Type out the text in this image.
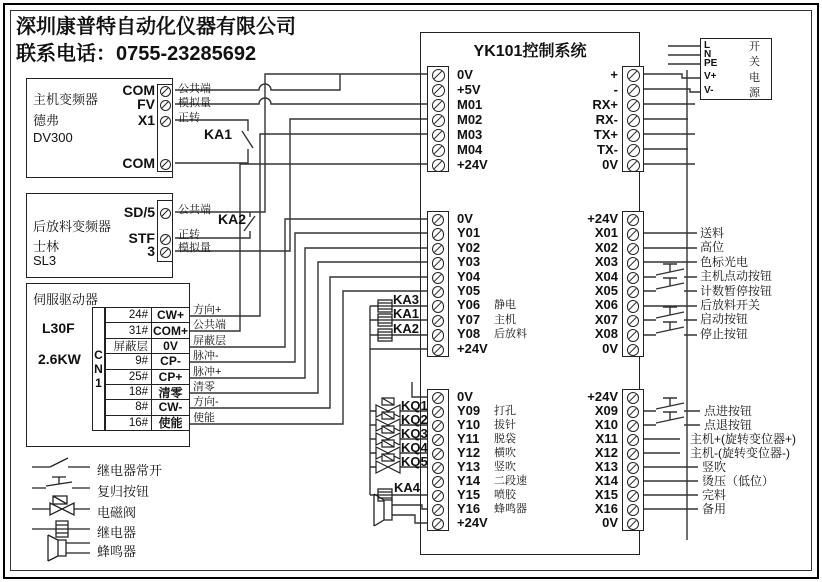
深圳康普特自动化仪器有限公司
联系电话：0755-23285692
主机变频器
德弗
DV300
COM
FV
X1
COM
公共端
模拟量
正转
KA1
后放料变频器
士林
SL3
SD/5
STF
3
公共端
正转
模拟量
KA2
伺服驱动器
L30F
2.6KW C
N
1
24# CW+
31# COM+
屏蔽层	0V
9#	CP-
25# CP+
18# 清零
8# CW-
16# 使能
方向+
公共端
屏蔽层
脉冲-
脉冲+
清零
方向-
使能
YK101控制系统
0V
+5V
M01
M02
M03
M04
+24V
+
-
RX+
RX-
TX+
TX-
0V
0V
Y01
Y02
Y03
Y04
Y05
Y06
Y07
Y08
+24V
静电
主机
后放料
+24V
X01
X02
X03
X04
X05
X06
X07
X08
0V
0V
Y09
Y10
Y11
Y12
Y13
Y14
Y15
Y16
+24V
打孔
拔针
脱袋
横吹
竖吹
二段速
喷胶
蜂鸣器
+24V
X09
X10
X11
X12
X13
X14
X15
X16
0V
KA3
KA1
KA2
KQ1
KQ2
KQ3
KQ4
KQ5
KA4
L
N
PE
V+
V-
开
关
电
源
送料
高位
色标光电
主机点动按钮
计数暂停按钮
后放料开关
启动按钮
停止按钮
点进按钮
点退按钮
主机+(旋转变位器+)
主机-(旋转变位器-)
竖吹
烫压（低位）
完料
备用
继电器常开
复归按钮
电磁阀
继电器
蜂鸣器
